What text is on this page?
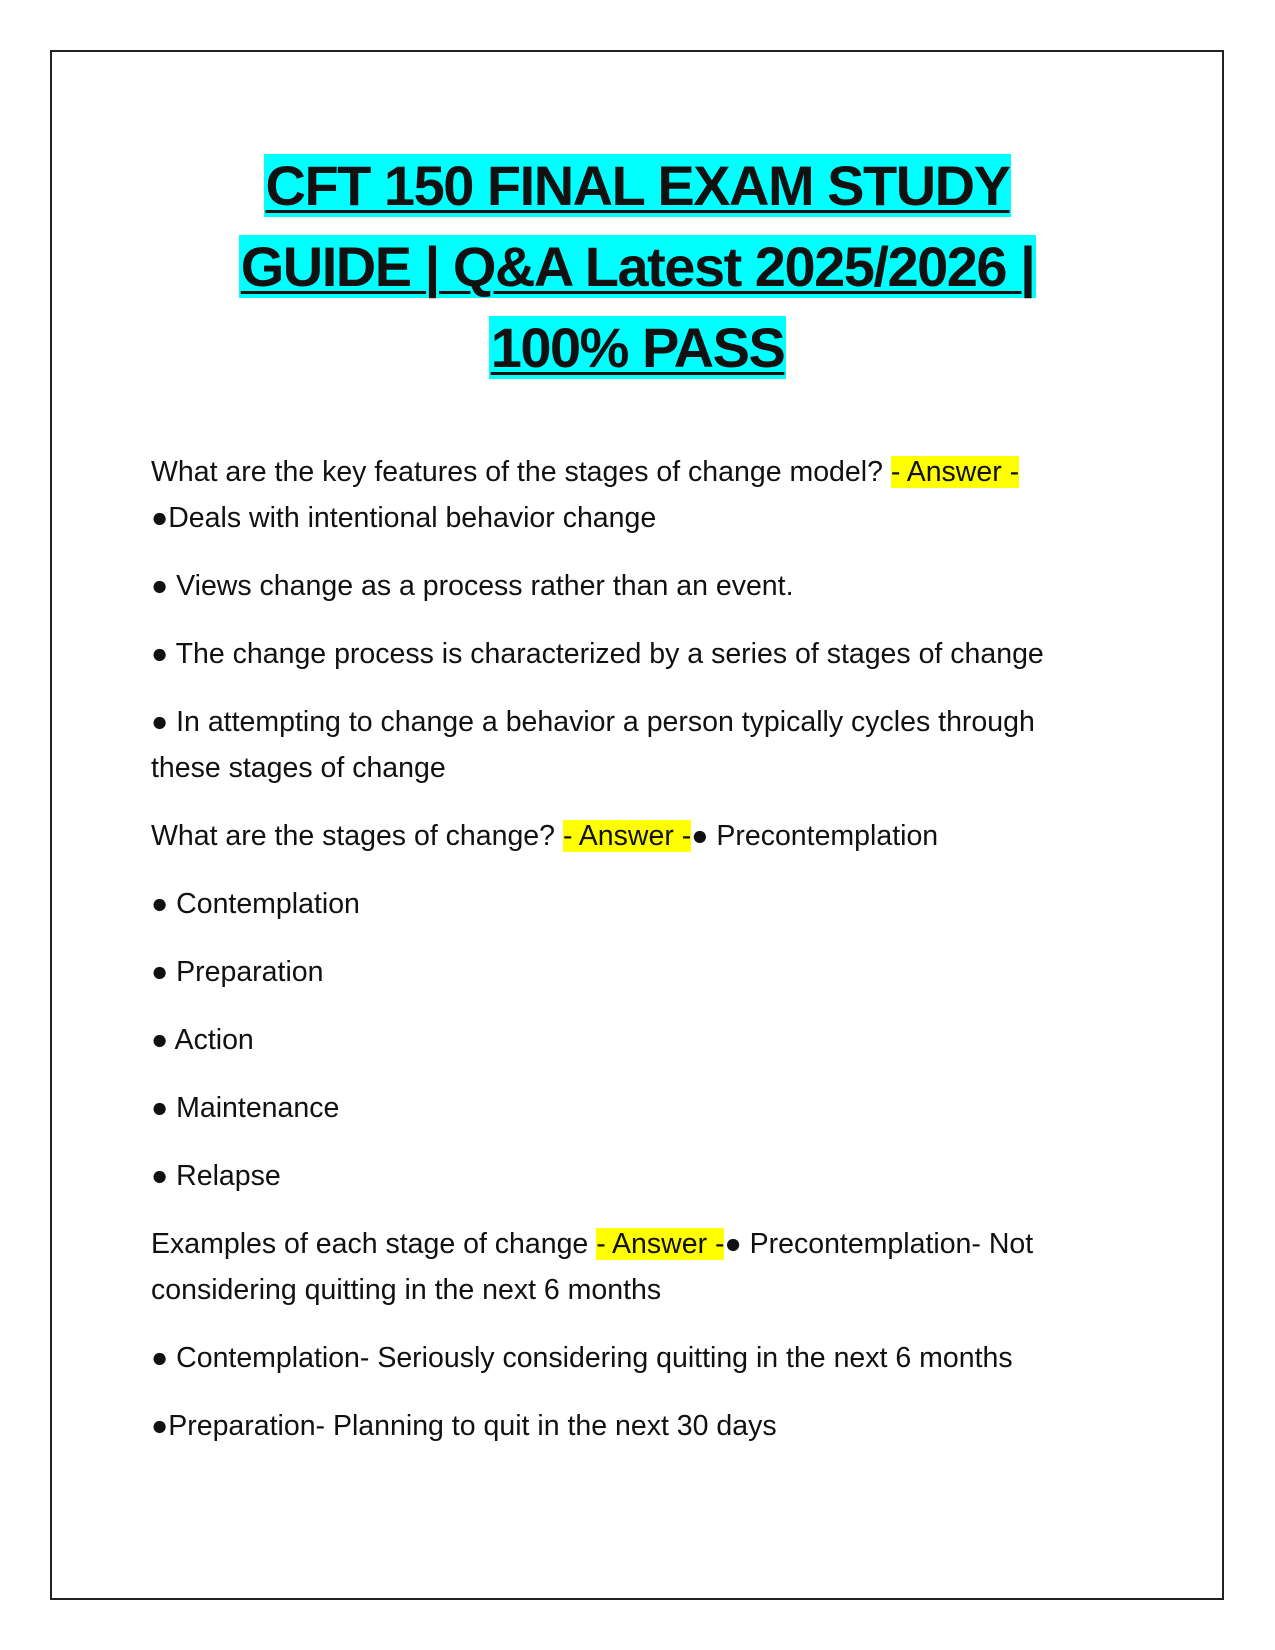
CFT 150 FINAL EXAM STUDY
GUIDE | Q&A Latest 2025/2026 |
100% PASS

What are the key features of the stages of change model? - Answer -
●Deals with intentional behavior change

● Views change as a process rather than an event.

● The change process is characterized by a series of stages of change

● In attempting to change a behavior a person typically cycles through these stages of change

What are the stages of change? - Answer -● Precontemplation

● Contemplation

● Preparation

● Action

● Maintenance

● Relapse

Examples of each stage of change - Answer -● Precontemplation- Not considering quitting in the next 6 months

● Contemplation- Seriously considering quitting in the next 6 months

●Preparation- Planning to quit in the next 30 days
